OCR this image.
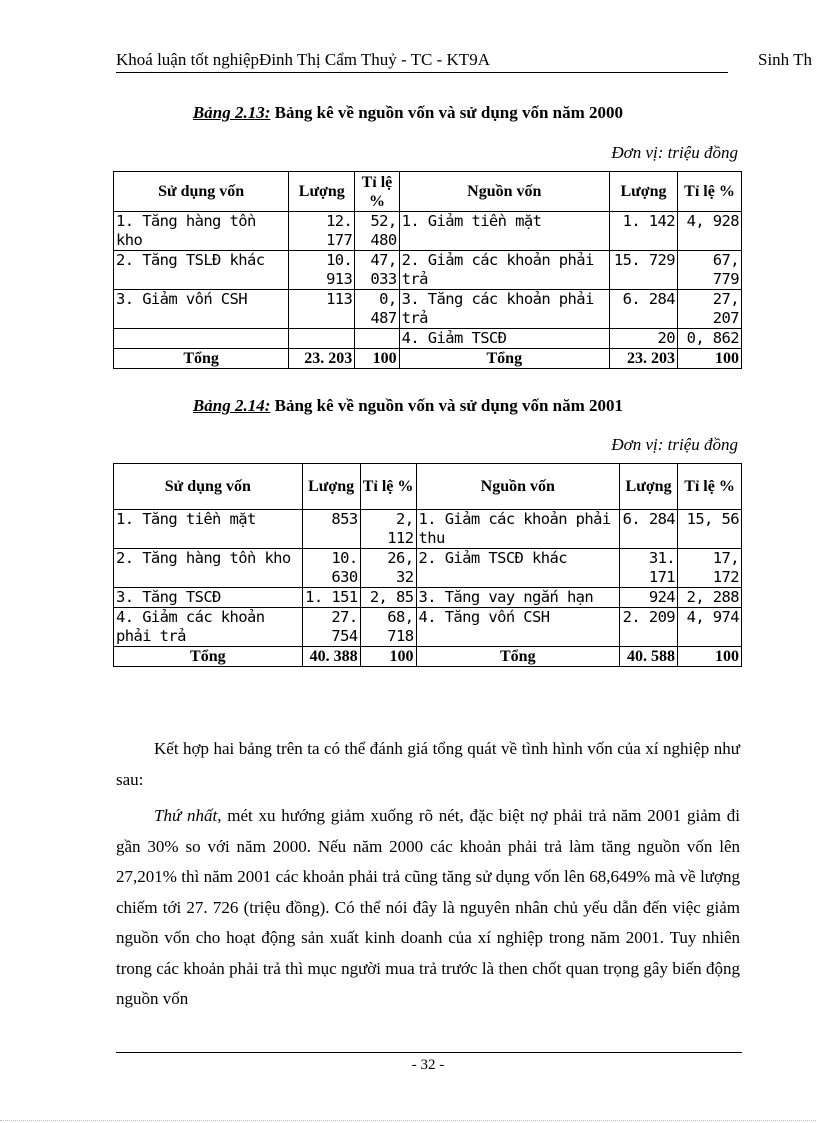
Khoá luận tốt nghiệpĐinh Thị Cẩm Thuỷ - TC - KT9A	Sinh Th
Bảng 2.13: Bảng kê về nguồn vốn và sử dụng vốn năm 2000
Đơn vị: triệu đồng
Sử dụng vốn	Lượng	Tỉ lệ %	Nguồn vốn	Lượng	Tỉ lệ %
1. Tăng hàng tồn kho	12. 177	52, 480	1. Giảm tiền mặt	1. 142	4, 928
2. Tăng TSLĐ khác	10. 913	47, 033	2. Giảm các khoản phải trả	15. 729	67, 779
3. Giảm vốn CSH	113	0, 487	3. Tăng các khoản phải trả	6. 284	27, 207
			4. Giảm TSCĐ	20	0, 862
Tổng	23. 203	100	Tổng	23. 203	100
Bảng 2.14: Bảng kê về nguồn vốn và sử dụng vốn năm 2001
Đơn vị: triệu đồng
Sử dụng vốn	Lượng	Tỉ lệ %	Nguồn vốn	Lượng	Tỉ lệ %
1. Tăng tiền mặt	853	2, 112	1. Giảm các khoản phải thu	6. 284	15, 56
2. Tăng hàng tồn kho	10. 630	26, 32	2. Giảm TSCĐ khác	31. 171	17, 172
3. Tăng TSCĐ	1. 151	2, 85	3. Tăng vay ngắn hạn	924	2, 288
4. Giảm các khoản phải trả	27. 754	68, 718	4. Tăng vốn CSH	2. 209	4, 974
Tổng	40. 388	100	Tổng	40. 588	100

Kết hợp hai bảng trên ta có thể đánh giá tổng quát về tình hình vốn của xí nghiệp như sau:

Thứ nhất, mét xu hướng giảm xuống rõ nét, đặc biệt nợ phải trả năm 2001 giảm đi gần 30% so với năm 2000. Nếu năm 2000 các khoản phải trả làm tăng nguồn vốn lên 27,201% thì năm 2001 các khoản phải trả cũng tăng sử dụng vốn lên 68,649% mà về lượng chiếm tới 27. 726 (triệu đồng). Có thể nói đây là nguyên nhân chủ yếu dẫn đến việc giảm nguồn vốn cho hoạt động sản xuất kinh doanh của xí nghiệp trong năm 2001. Tuy nhiên trong các khoản phải trả thì mục người mua trả trước là then chốt quan trọng gây biến động nguồn vốn

- 32 -
